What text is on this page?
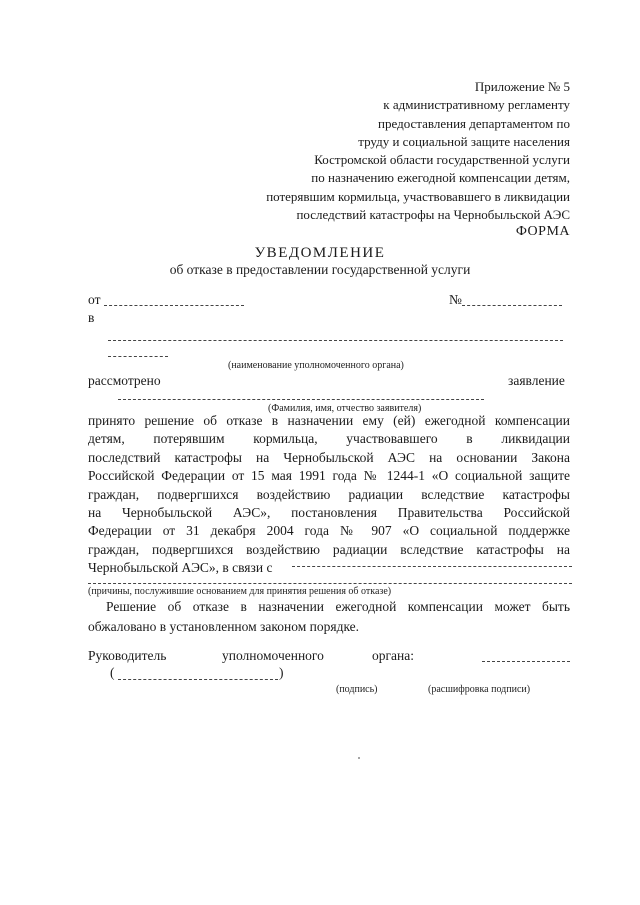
Приложение № 5
к административному регламенту
предоставления департаментом по
труду и социальной защите населения
Костромской области государственной услуги
по назначению ежегодной компенсации детям,
потерявшим кормильца, участвовавшего в ликвидации
последствий катастрофы на Чернобыльской АЭС
ФОРМА
УВЕДОМЛЕНИЕ
об отказе в предоставлении государственной услуги
от	№
в
(наименование уполномоченного органа)
рассмотрено	заявление
(Фамилия, имя, отчество заявителя)
принято решение об отказе в назначении ему (ей) ежегодной компенсации
детям, потерявшим кормильца, участвовавшего в ликвидации
последствий катастрофы на Чернобыльской АЭС на основании Закона
Российской Федерации от 15 мая 1991 года № 1244-1 «О социальной защите
граждан, подвергшихся воздействию радиации вследствие катастрофы
на Чернобыльской АЭС», постановления Правительства Российской
Федерации от 31 декабря 2004 года № 907 «О социальной поддержке
граждан, подвергшихся воздействию радиации вследствие катастрофы на
Чернобыльской АЭС», в связи с
(причины, послужившие основанием для принятия решения об отказе)
Решение об отказе в назначении ежегодной компенсации может быть
обжаловано в установленном законом порядке.
Руководитель	уполномоченного	органа:
(	)
(подпись)	(расшифровка подписи)
